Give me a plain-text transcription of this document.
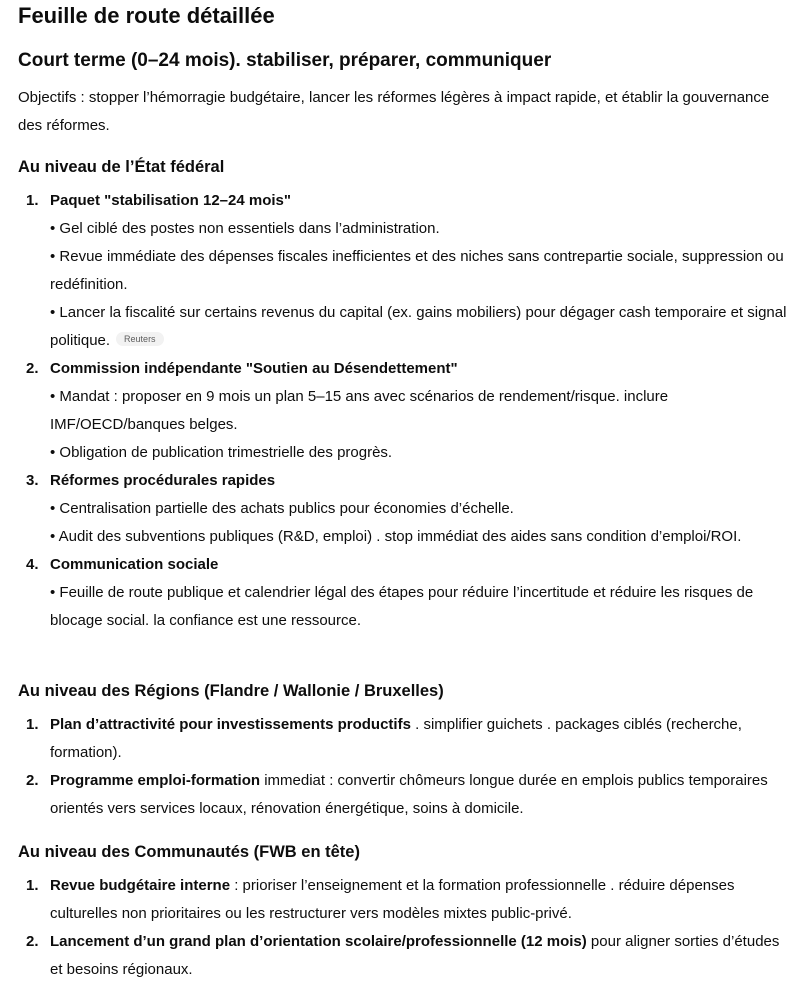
Feuille de route détaillée
Court terme (0–24 mois). stabiliser, préparer, communiquer
Objectifs : stopper l’hémorragie budgétaire, lancer les réformes légères à impact rapide, et établir la gouvernance des réformes.
Au niveau de l’État fédéral
1. Paquet "stabilisation 12–24 mois"
• Gel ciblé des postes non essentiels dans l’administration.
• Revue immédiate des dépenses fiscales inefficientes et des niches sans contrepartie sociale, suppression ou redéfinition.
• Lancer la fiscalité sur certains revenus du capital (ex. gains mobiliers) pour dégager cash temporaire et signal politique. Reuters
2. Commission indépendante "Soutien au Désendettement"
• Mandat : proposer en 9 mois un plan 5–15 ans avec scénarios de rendement/risque. inclure IMF/OECD/banques belges.
• Obligation de publication trimestrielle des progrès.
3. Réformes procédurales rapides
• Centralisation partielle des achats publics pour économies d’échelle.
• Audit des subventions publiques (R&D, emploi) . stop immédiat des aides sans condition d’emploi/ROI.
4. Communication sociale
• Feuille de route publique et calendrier légal des étapes pour réduire l’incertitude et réduire les risques de blocage social. la confiance est une ressource.
Au niveau des Régions (Flandre / Wallonie / Bruxelles)
1. Plan d’attractivité pour investissements productifs . simplifier guichets . packages ciblés (recherche, formation).
2. Programme emploi-formation immediat : convertir chômeurs longue durée en emplois publics temporaires orientés vers services locaux, rénovation énergétique, soins à domicile.
Au niveau des Communautés (FWB en tête)
1. Revue budgétaire interne : prioriser l’enseignement et la formation professionnelle . réduire dépenses culturelles non prioritaires ou les restructurer vers modèles mixtes public-privé.
2. Lancement d’un grand plan d’orientation scolaire/professionnelle (12 mois) pour aligner sorties d’études et besoins régionaux.
